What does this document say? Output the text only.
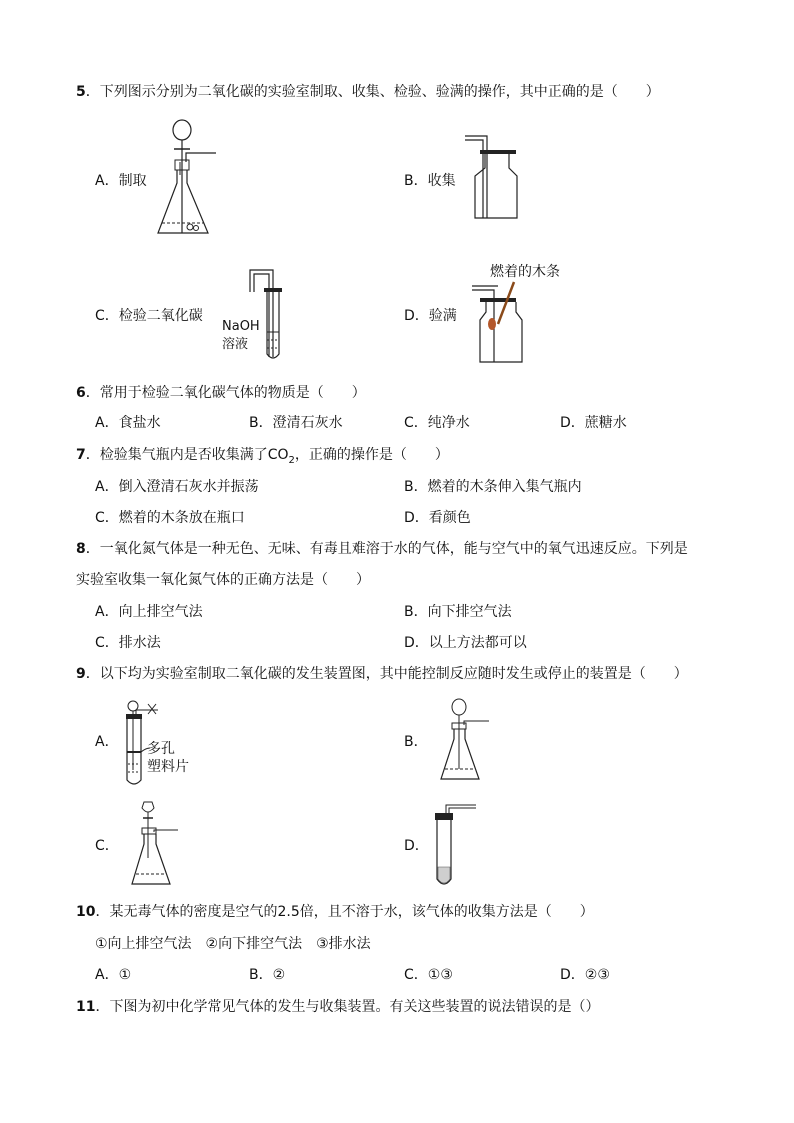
5．下列图示分别为二氧化碳的实验室制取、收集、检验、验满的操作，其中正确的是（　　）
A．制取	B．收集
C．检验二氧化碳
NaOH
溶液
D．验满
燃着的木条
6．常用于检验二氧化碳气体的物质是（　　）
A．食盐水	B．澄清石灰水	C．纯净水	D．蔗糖水
7．检验集气瓶内是否收集满了$CO_2$，正确的操作是（　　）
A．倒入澄清石灰水并振荡	B．燃着的木条伸入集气瓶内
C．燃着的木条放在瓶口	D．看颜色
8．一氧化氮气体是一种无色、无味、有毒且难溶于水的气体，能与空气中的氧气迅速反应。下列是
实验室收集一氧化氮气体的正确方法是（　　）
A．向上排空气法	B．向下排空气法
C．排水法	D．以上方法都可以
9．以下均为实验室制取二氧化碳的发生装置图，其中能控制反应随时发生或停止的装置是（　　）
A． 多孔
塑料片
B．
C．	D．
10．某无毒气体的密度是空气的2.5倍，且不溶于水，该气体的收集方法是（　　）
①向上排空气法　②向下排空气法　③排水法
A．①	B．②	C．①③	D．②③
11．下图为初中化学常见气体的发生与收集装置。有关这些装置的说法错误的是（）
